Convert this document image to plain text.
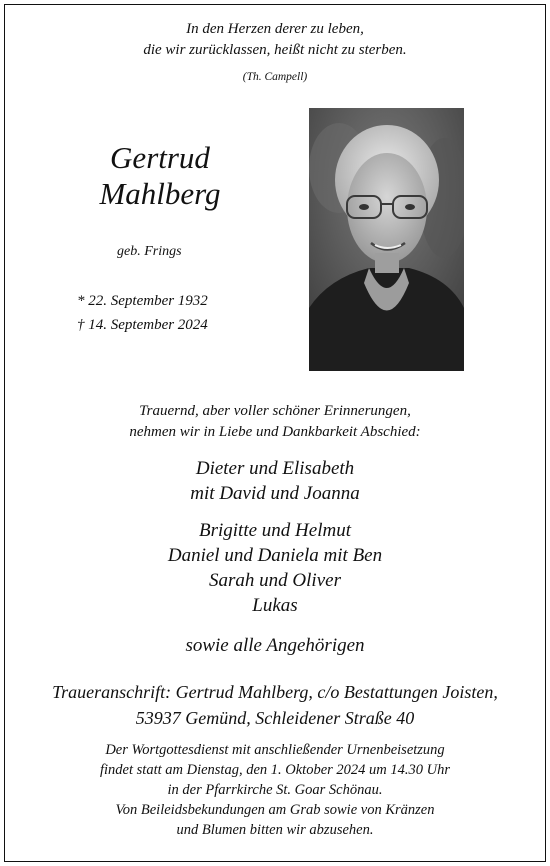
In den Herzen derer zu leben,
die wir zurücklassen, heißt nicht zu sterben.
(Th. Campell)
Gertrud
Mahlberg
geb. Frings
* 22. September 1932
† 14. September 2024
Trauernd, aber voller schöner Erinnerungen,
nehmen wir in Liebe und Dankbarkeit Abschied:
Dieter und Elisabeth
mit David und Joanna
Brigitte und Helmut
Daniel und Daniela mit Ben
Sarah und Oliver
Lukas
sowie alle Angehörigen
Traueranschrift: Gertrud Mahlberg, c/o Bestattungen Joisten,
53937 Gemünd, Schleidener Straße 40
Der Wortgottesdienst mit anschließender Urnenbeisetzung
findet statt am Dienstag, den 1. Oktober 2024 um 14.30 Uhr
in der Pfarrkirche St. Goar Schönau.
Von Beileidsbekundungen am Grab sowie von Kränzen
und Blumen bitten wir abzusehen.
